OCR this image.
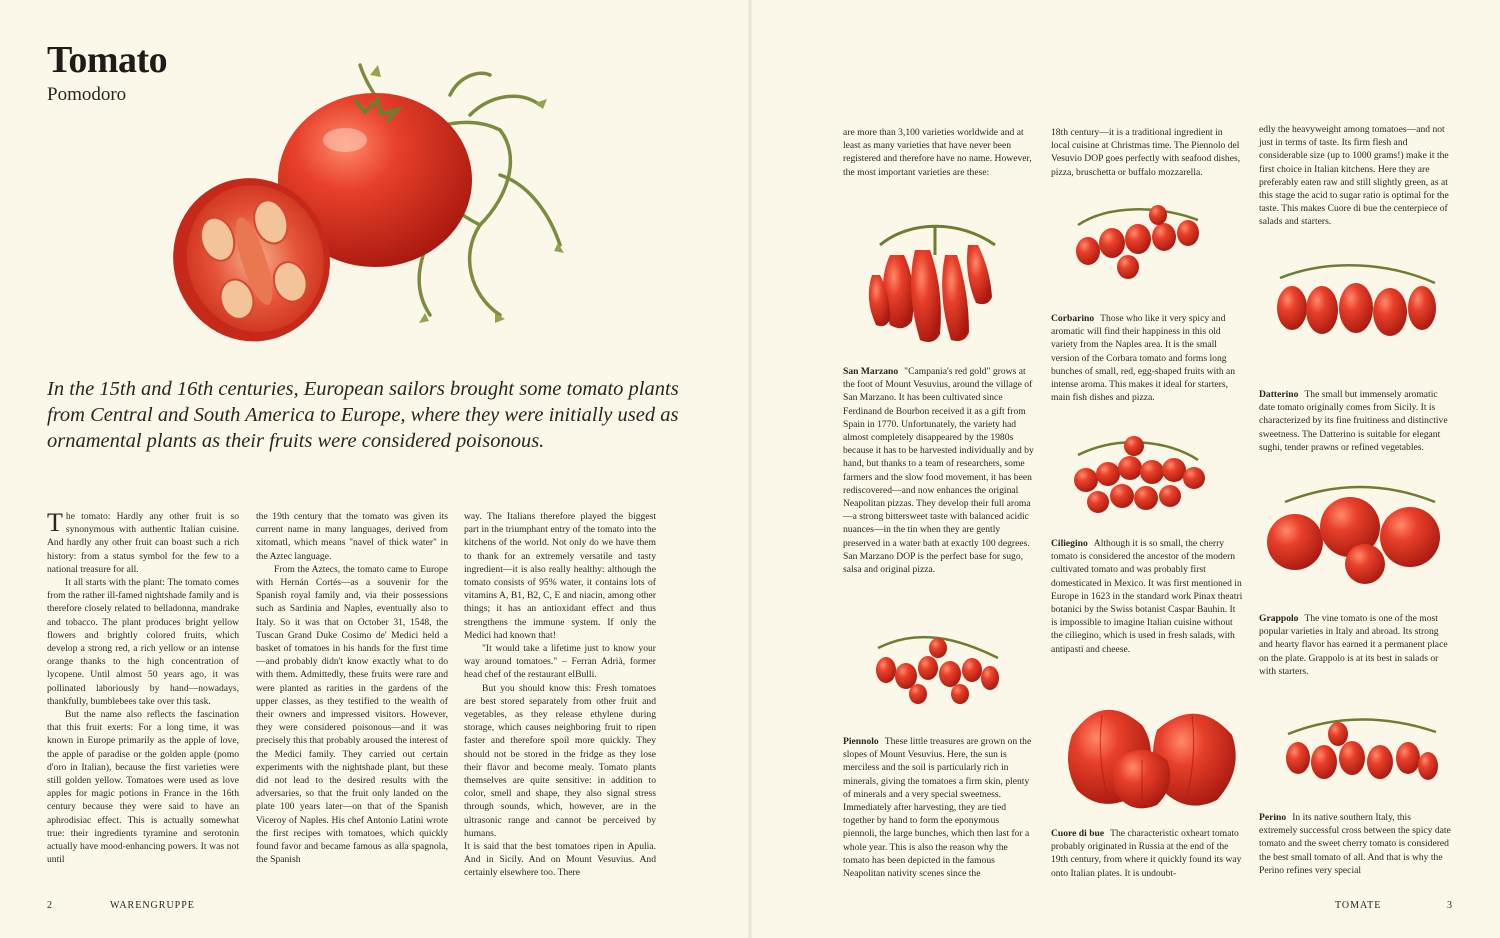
Tomato
Pomodoro

In the 15th and 16th centuries, European sailors brought some tomato plants from Central and South America to Europe, where they were initially used as ornamental plants as their fruits were considered poisonous.

The tomato: Hardly any other fruit is so synonymous with authentic Italian cuisine. And hardly any other fruit can boast such a rich history: from a status symbol for the few to a national treasure for all.

It all starts with the plant: The tomato comes from the rather ill-famed nightshade family and is therefore closely related to belladonna, mandrake and tobacco. The plant produces bright yellow flowers and brightly colored fruits, which develop a strong red, a rich yellow or an intense orange thanks to the high concentration of lycopene. Until almost 50 years ago, it was pollinated laboriously by hand—nowadays, thankfully, bumblebees take over this task.

But the name also reflects the fascination that this fruit exerts: For a long time, it was known in Europe primarily as the apple of love, the apple of paradise or the golden apple (pomo d'oro in Italian), because the first varieties were still golden yellow. Tomatoes were used as love apples for magic potions in France in the 16th century because they were said to have an aphrodisiac effect. This is actually somewhat true: their ingredients tyramine and serotonin actually have mood-enhancing powers. It was not until

the 19th century that the tomato was given its current name in many languages, derived from xitomatl, which means "navel of thick water" in the Aztec language.

From the Aztecs, the tomato came to Europe with Hernán Cortés—as a souvenir for the Spanish royal family and, via their possessions such as Sardinia and Naples, eventually also to Italy. So it was that on October 31, 1548, the Tuscan Grand Duke Cosimo de' Medici held a basket of tomatoes in his hands for the first time—and probably didn't know exactly what to do with them. Admittedly, these fruits were rare and were planted as rarities in the gardens of the upper classes, as they testified to the wealth of their owners and impressed visitors. However, they were considered poisonous—and it was precisely this that probably aroused the interest of the Medici family. They carried out certain experiments with the nightshade plant, but these did not lead to the desired results with the adversaries, so that the fruit only landed on the plate 100 years later—on that of the Spanish Viceroy of Naples. His chef Antonio Latini wrote the first recipes with tomatoes, which quickly found favor and became famous as alla spagnola, the Spanish

way. The Italians therefore played the biggest part in the triumphant entry of the tomato into the kitchens of the world. Not only do we have them to thank for an extremely versatile and tasty ingredient—it is also really healthy: although the tomato consists of 95% water, it contains lots of vitamins A, B1, B2, C, E and niacin, among other things; it has an antioxidant effect and thus strengthens the immune system. If only the Medici had known that!

"It would take a lifetime just to know your way around tomatoes." – Ferran Adrià, former head chef of the restaurant elBulli.

But you should know this: Fresh tomatoes are best stored separately from other fruit and vegetables, as they release ethylene during storage, which causes neighboring fruit to ripen faster and therefore spoil more quickly. They should not be stored in the fridge as they lose their flavor and become mealy. Tomato plants themselves are quite sensitive: in addition to color, smell and shape, they also signal stress through sounds, which, however, are in the ultrasonic range and cannot be perceived by humans.

It is said that the best tomatoes ripen in Apulia. And in Sicily. And on Mount Vesuvius. And certainly elsewhere too. There

2	WARENGRUPPE

are more than 3,100 varieties worldwide and at least as many varieties that have never been registered and therefore have no name. However, the most important varieties are these:

San Marzano "Campania's red gold" grows at the foot of Mount Vesuvius, around the village of San Marzano. It has been cultivated since Ferdinand de Bourbon received it as a gift from Spain in 1770. Unfortunately, the variety had almost completely disappeared by the 1980s because it has to be harvested individually and by hand, but thanks to a team of researchers, some farmers and the slow food movement, it has been rediscovered—and now enhances the original Neapolitan pizzas. They develop their full aroma—a strong bittersweet taste with balanced acidic nuances—in the tin when they are gently preserved in a water bath at exactly 100 degrees. San Marzano DOP is the perfect base for sugo, salsa and original pizza.

Piennolo These little treasures are grown on the slopes of Mount Vesuvius. Here, the sun is merciless and the soil is particularly rich in minerals, giving the tomatoes a firm skin, plenty of minerals and a very special sweetness. Immediately after harvesting, they are tied together by hand to form the eponymous piennoli, the large bunches, which then last for a whole year. This is also the reason why the tomato has been depicted in the famous Neapolitan nativity scenes since the

18th century—it is a traditional ingredient in local cuisine at Christmas time. The Piennolo del Vesuvio DOP goes perfectly with seafood dishes, pizza, bruschetta or buffalo mozzarella.

Corbarino Those who like it very spicy and aromatic will find their happiness in this old variety from the Naples area. It is the small version of the Corbara tomato and forms long bunches of small, red, egg-shaped fruits with an intense aroma. This makes it ideal for starters, main fish dishes and pizza.

Ciliegino Although it is so small, the cherry tomato is considered the ancestor of the modern cultivated tomato and was probably first domesticated in Mexico. It was first mentioned in Europe in 1623 in the standard work Pinax theatri botanici by the Swiss botanist Caspar Bauhin. It is impossible to imagine Italian cuisine without the ciliegino, which is used in fresh salads, with antipasti and cheese.

Cuore di bue The characteristic oxheart tomato probably originated in Russia at the end of the 19th century, from where it quickly found its way onto Italian plates. It is undoubt-

edly the heavyweight among tomatoes—and not just in terms of taste. Its firm flesh and considerable size (up to 1000 grams!) make it the first choice in Italian kitchens. Here they are preferably eaten raw and still slightly green, as at this stage the acid to sugar ratio is optimal for the taste. This makes Cuore di bue the centerpiece of salads and starters.

Datterino The small but immensely aromatic date tomato originally comes from Sicily. It is characterized by its fine fruitiness and distinctive sweetness. The Datterino is suitable for elegant sughi, tender prawns or refined vegetables.

Grappolo The vine tomato is one of the most popular varieties in Italy and abroad. Its strong and hearty flavor has earned it a permanent place on the plate. Grappolo is at its best in salads or with starters.

Perino In its native southern Italy, this extremely successful cross between the spicy date tomato and the sweet cherry tomato is considered the best small tomato of all. And that is why the Perino refines very special

TOMATE	3
